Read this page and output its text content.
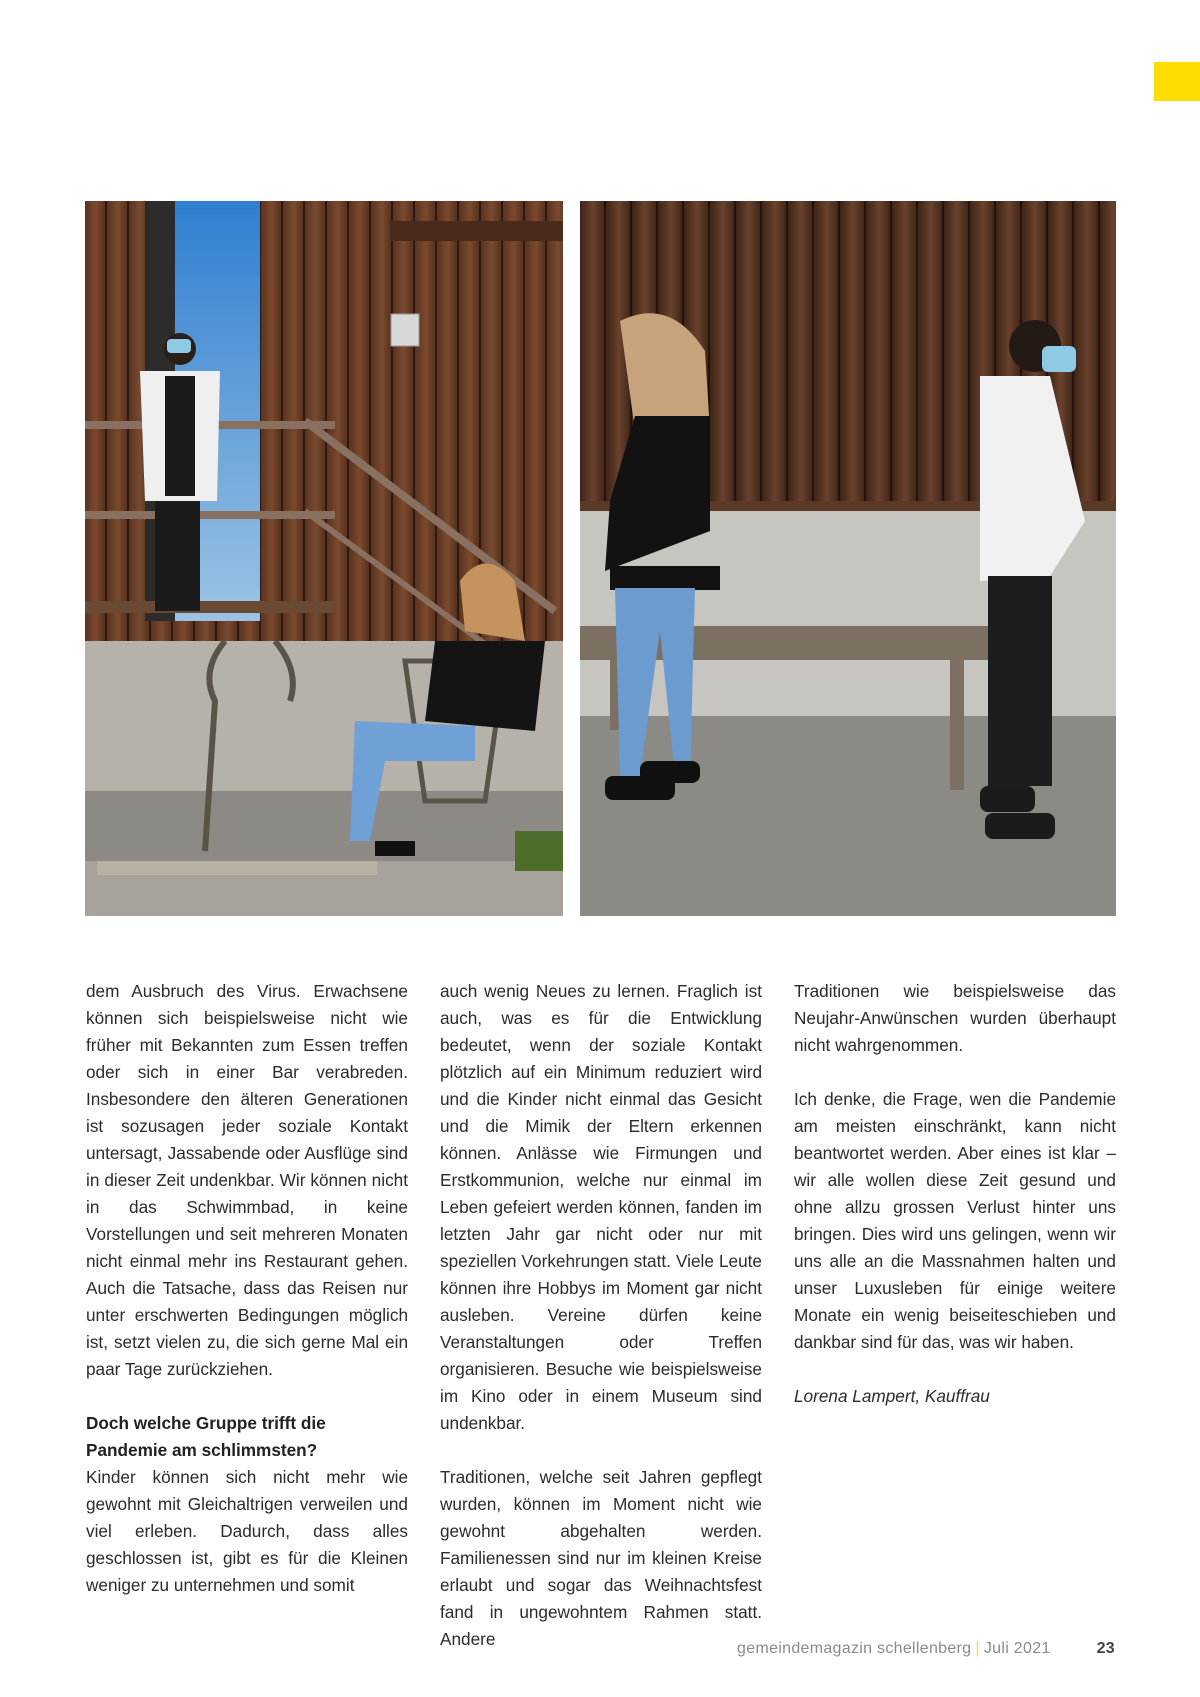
dem Ausbruch des Virus. Erwachsene können sich beispielsweise nicht wie früher mit Bekannten zum Essen treffen oder sich in einer Bar verabreden. Insbesondere den älteren Generationen ist sozusagen jeder soziale Kontakt untersagt, Jassabende oder Ausflüge sind in dieser Zeit undenkbar. Wir können nicht in das Schwimmbad, in keine Vorstellungen und seit mehreren Monaten nicht einmal mehr ins Restaurant gehen. Auch die Tatsache, dass das Reisen nur unter erschwerten Bedingungen möglich ist, setzt vielen zu, die sich gerne Mal ein paar Tage zurückziehen.

Doch welche Gruppe trifft die Pandemie am schlimmsten?

Kinder können sich nicht mehr wie gewohnt mit Gleichaltrigen verweilen und viel erleben. Dadurch, dass alles geschlossen ist, gibt es für die Kleinen weniger zu unternehmen und somit

auch wenig Neues zu lernen. Fraglich ist auch, was es für die Entwicklung bedeutet, wenn der soziale Kontakt plötzlich auf ein Minimum reduziert wird und die Kinder nicht einmal das Gesicht und die Mimik der Eltern erkennen können. Anlässe wie Firmungen und Erstkommunion, welche nur einmal im Leben gefeiert werden können, fanden im letzten Jahr gar nicht oder nur mit speziellen Vorkehrungen statt. Viele Leute können ihre Hobbys im Moment gar nicht ausleben. Vereine dürfen keine Veranstaltungen oder Treffen organisieren. Besuche wie beispielsweise im Kino oder in einem Museum sind undenkbar.

Traditionen, welche seit Jahren gepflegt wurden, können im Moment nicht wie gewohnt abgehalten werden. Familienessen sind nur im kleinen Kreise erlaubt und sogar das Weihnachtsfest fand in ungewohntem Rahmen statt. Andere

Traditionen wie beispielsweise das Neujahr-Anwünschen wurden überhaupt nicht wahrgenommen.

Ich denke, die Frage, wen die Pandemie am meisten einschränkt, kann nicht beantwortet werden. Aber eines ist klar – wir alle wollen diese Zeit gesund und ohne allzu grossen Verlust hinter uns bringen. Dies wird uns gelingen, wenn wir uns alle an die Massnahmen halten und unser Luxusleben für einige weitere Monate ein wenig beiseiteschieben und dankbar sind für das, was wir haben.

Lorena Lampert, Kauffrau

gemeindemagazin schellenberg | Juli 2021	23
